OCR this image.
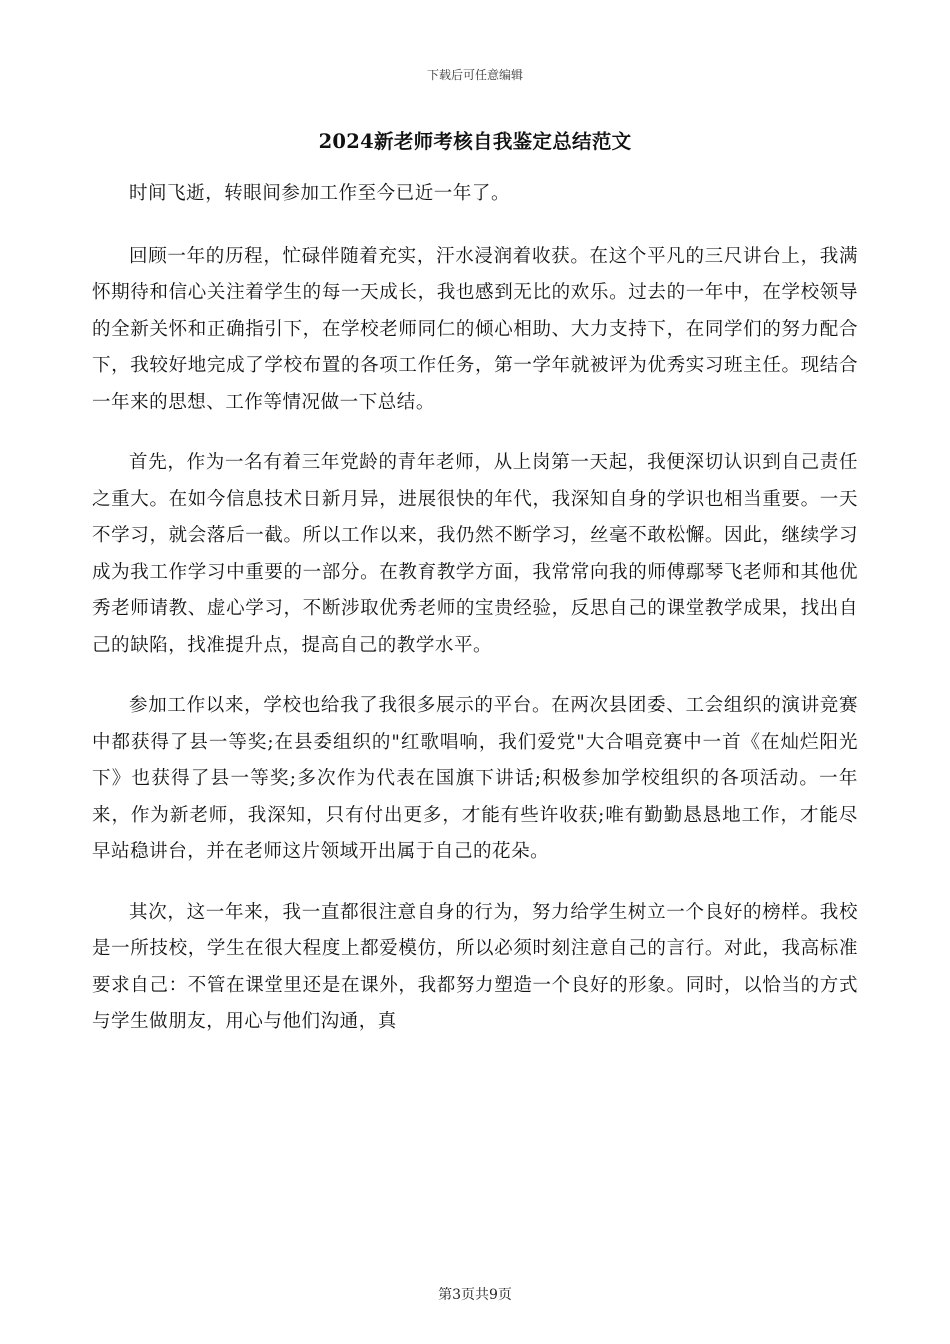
下载后可任意编辑
2024新老师考核自我鉴定总结范文

时间飞逝，转眼间参加工作至今已近一年了。

回顾一年的历程，忙碌伴随着充实，汗水浸润着收获。在这个平凡的三尺讲台上，我满怀期待和信心关注着学生的每一天成长，我也感到无比的欢乐。过去的一年中，在学校领导的全新关怀和正确指引下，在学校老师同仁的倾心相助、大力支持下，在同学们的努力配合下，我较好地完成了学校布置的各项工作任务，第一学年就被评为优秀实习班主任。现结合一年来的思想、工作等情况做一下总结。

首先，作为一名有着三年党龄的青年老师，从上岗第一天起，我便深切认识到自己责任之重大。在如今信息技术日新月异，进展很快的年代，我深知自身的学识也相当重要。一天不学习，就会落后一截。所以工作以来，我仍然不断学习，丝毫不敢松懈。因此，继续学习成为我工作学习中重要的一部分。在教育教学方面，我常常向我的师傅鄢琴飞老师和其他优秀老师请教、虚心学习，不断涉取优秀老师的宝贵经验，反思自己的课堂教学成果，找出自己的缺陷，找准提升点，提高自己的教学水平。

参加工作以来，学校也给我了我很多展示的平台。在两次县团委、工会组织的演讲竞赛中都获得了县一等奖;在县委组织的"红歌唱响，我们爱党"大合唱竞赛中一首《在灿烂阳光下》也获得了县一等奖;多次作为代表在国旗下讲话;积极参加学校组织的各项活动。一年来，作为新老师，我深知，只有付出更多，才能有些许收获;唯有勤勤恳恳地工作，才能尽早站稳讲台，并在老师这片领域开出属于自己的花朵。

其次，这一年来，我一直都很注意自身的行为，努力给学生树立一个良好的榜样。我校是一所技校，学生在很大程度上都爱模仿，所以必须时刻注意自己的言行。对此，我高标准要求自己：不管在课堂里还是在课外，我都努力塑造一个良好的形象。同时，以恰当的方式与学生做朋友，用心与他们沟通，真

第3页共9页
